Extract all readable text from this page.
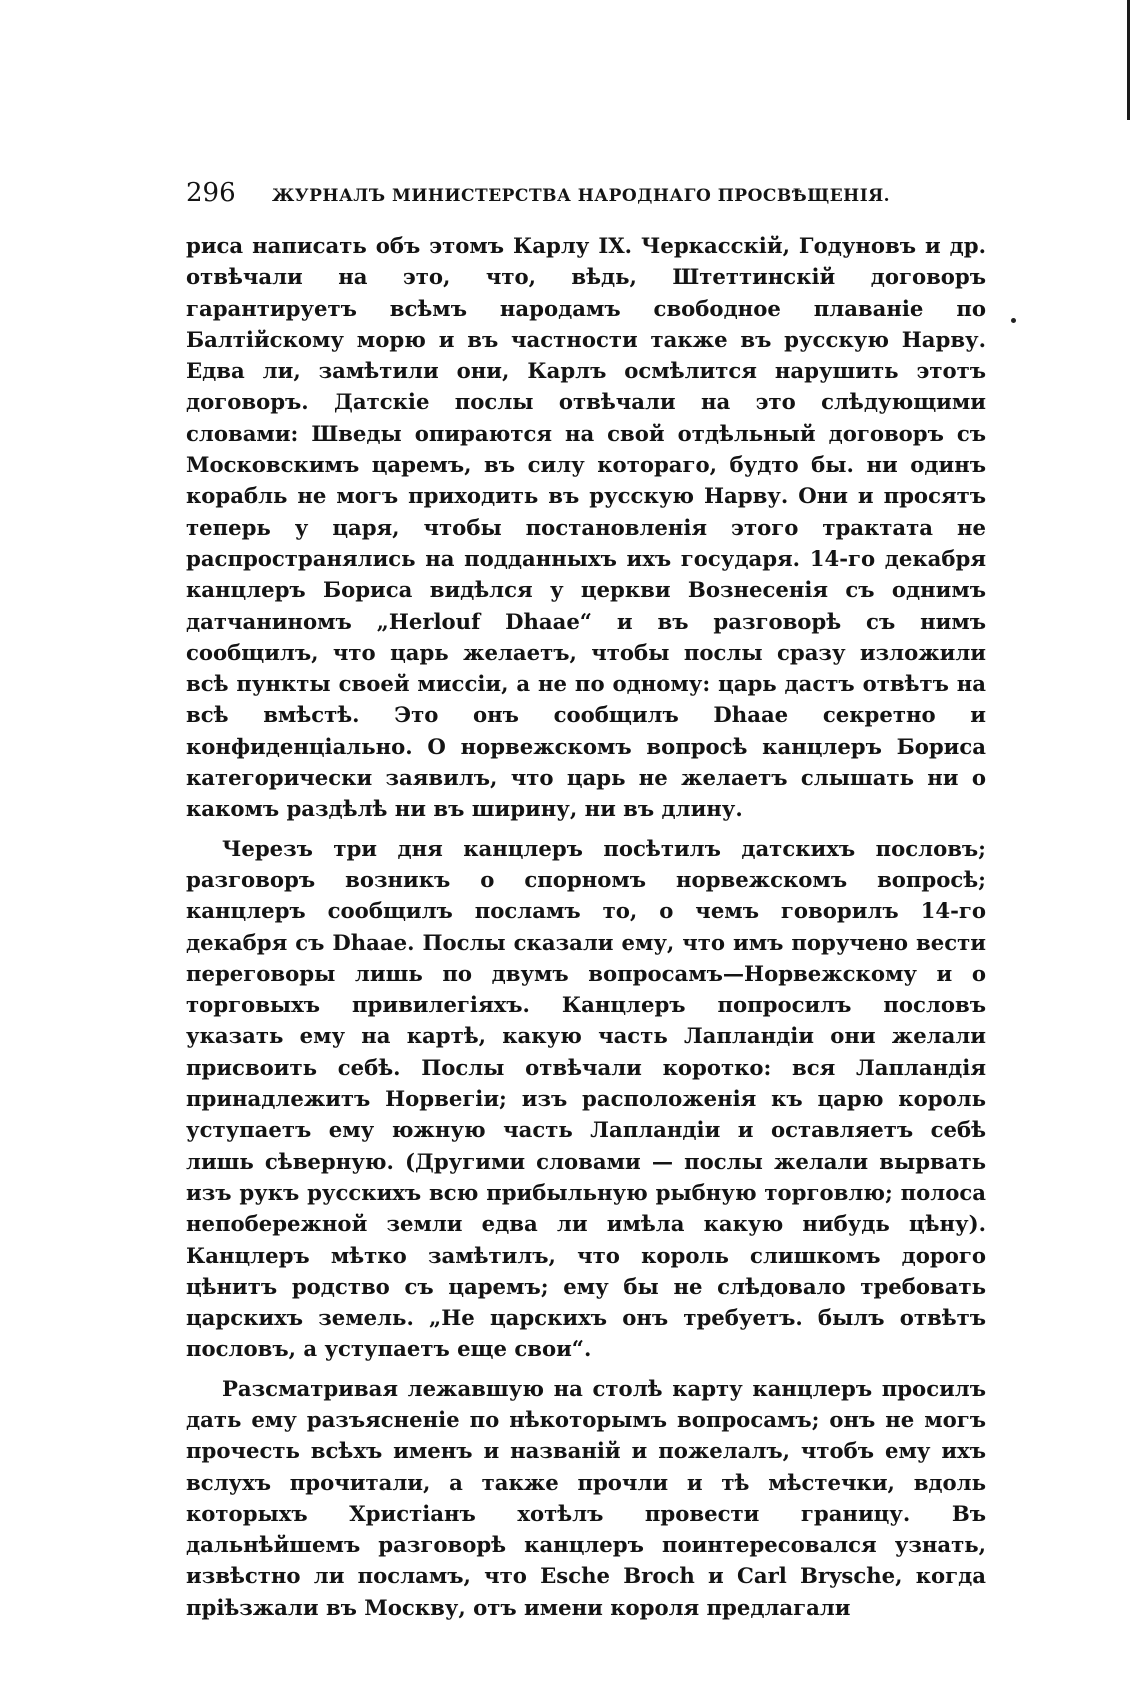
296	ЖУРНАЛЪ МИНИСТЕРСТВА НАРОДНАГО ПРОСВѢЩЕНІЯ.

риса написать объ этомъ Карлу IX. Черкасскій, Годуновъ и др. отвѣчали на это, что, вѣдь, Штеттинскій договоръ гарантируетъ всѣмъ народамъ свободное плаваніе по Балтійскому морю и въ частности также въ русскую Нарву. Едва ли, замѣтили они, Карлъ осмѣлится нарушить этотъ договоръ. Датскіе послы отвѣчали на это слѣдующими словами: Шведы опираются на свой отдѣльный договоръ съ Московскимъ царемъ, въ силу котораго, будто бы. ни одинъ корабль не могъ приходить въ русскую Нарву. Они и просятъ теперь у царя, чтобы постановленія этого трактата не распространялись на подданныхъ ихъ государя. 14-го декабря канцлеръ Бориса видѣлся у церкви Вознесенія съ однимъ датчаниномъ „Herlouf Dhaae“ и въ разговорѣ съ нимъ сообщилъ, что царь желаетъ, чтобы послы сразу изложили всѣ пункты своей миссіи, а не по одному: царь дастъ отвѣтъ на всѣ вмѣстѣ. Это онъ сообщилъ Dhaae секретно и конфиденціально. О норвежскомъ вопросѣ канцлеръ Бориса категорически заявилъ, что царь не желаетъ слышать ни о какомъ раздѣлѣ ни въ ширину, ни въ длину.

Черезъ три дня канцлеръ посѣтилъ датскихъ пословъ; разговоръ возникъ о спорномъ норвежскомъ вопросѣ; канцлеръ сообщилъ посламъ то, о чемъ говорилъ 14-го декабря съ Dhaae. Послы сказали ему, что имъ поручено вести переговоры лишь по двумъ вопросамъ—Норвежскому и о торговыхъ привилегіяхъ. Канцлеръ попросилъ пословъ указать ему на картѣ, какую часть Лапландіи они желали присвоить себѣ. Послы отвѣчали коротко: вся Лапландія принадлежитъ Норвегіи; изъ расположенія къ царю король уступаетъ ему южную часть Лапландіи и оставляетъ себѣ лишь сѣверную. (Другими словами — послы желали вырвать изъ рукъ русскихъ всю прибыльную рыбную торговлю; полоса непобережной земли едва ли имѣла какую нибудь цѣну). Канцлеръ мѣтко замѣтилъ, что король слишкомъ дорого цѣнитъ родство съ царемъ; ему бы не слѣдовало требовать царскихъ земель. „Не царскихъ онъ требуетъ. былъ отвѣтъ пословъ, а уступаетъ еще свои“.

Разсматривая лежавшую на столѣ карту канцлеръ просилъ дать ему разъясненіе по нѣкоторымъ вопросамъ; онъ не могъ прочесть всѣхъ именъ и названій и пожелалъ, чтобъ ему ихъ вслухъ прочитали, а также прочли и тѣ мѣстечки, вдоль которыхъ Христіанъ хотѣлъ провести границу. Въ дальнѣйшемъ разговорѣ канцлеръ поинтересовался узнать, извѣстно ли посламъ, что Esche Broch и Carl Brysche, когда пріѣзжали въ Москву, отъ имени короля предлагали
